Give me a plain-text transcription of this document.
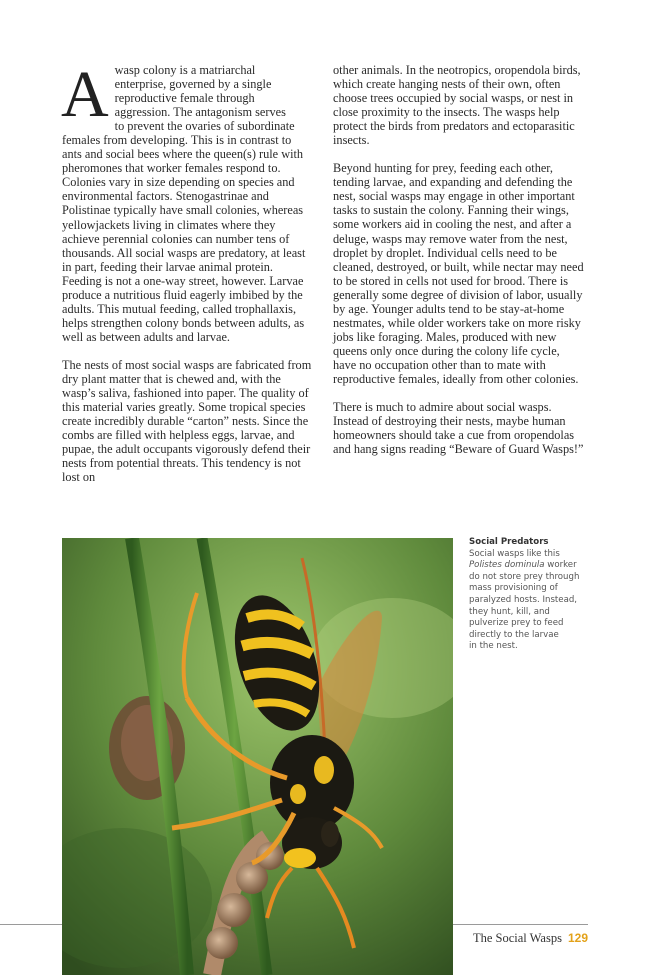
A wasp colony is a matriarchal
enterprise, governed by a single
reproductive female through
aggression. The antagonism serves
to prevent the ovaries of subordinate females from developing. This is in contrast to ants and social bees where the queen(s) rule with pheromones that worker females respond to. Colonies vary in size depending on species and environmental factors. Stenogastrinae and Polistinae typically have small colonies, whereas yellowjackets living in climates where they achieve perennial colonies can number tens of thousands. All social wasps are predatory, at least in part, feeding their larvae animal protein. Feeding is not a one-way street, however. Larvae produce a nutritious fluid eagerly imbibed by the adults. This mutual feeding, called trophallaxis, helps strengthen colony bonds between adults, as well as between adults and larvae.

The nests of most social wasps are fabricated from dry plant matter that is chewed and, with the wasp’s saliva, fashioned into paper. The quality of this material varies greatly. Some tropical species create incredibly durable “carton” nests. Since the combs are filled with helpless eggs, larvae, and pupae, the adult occupants vigorously defend their nests from potential threats. This tendency is not lost on

other animals. In the neotropics, oropendola birds, which create hanging nests of their own, often choose trees occupied by social wasps, or nest in close proximity to the insects. The wasps help protect the birds from predators and ectoparasitic insects.

Beyond hunting for prey, feeding each other, tending larvae, and expanding and defending the nest, social wasps may engage in other important tasks to sustain the colony. Fanning their wings, some workers aid in cooling the nest, and after a deluge, wasps may remove water from the nest, droplet by droplet. Individual cells need to be cleaned, destroyed, or built, while nectar may need to be stored in cells not used for brood. There is generally some degree of division of labor, usually by age. Younger adults tend to be stay-at-home nestmates, while older workers take on more risky jobs like foraging. Males, produced with new queens only once during the colony life cycle, have no occupation other than to mate with reproductive females, ideally from other colonies.

There is much to admire about social wasps. Instead of destroying their nests, maybe human homeowners should take a cue from oropendolas and hang signs reading “Beware of Guard Wasps!”

Social Predators
Social wasps like this
Polistes dominula worker
do not store prey through
mass provisioning of
paralyzed hosts. Instead,
they hunt, kill, and
pulverize prey to feed
directly to the larvae
in the nest.
The Social Wasps 129
